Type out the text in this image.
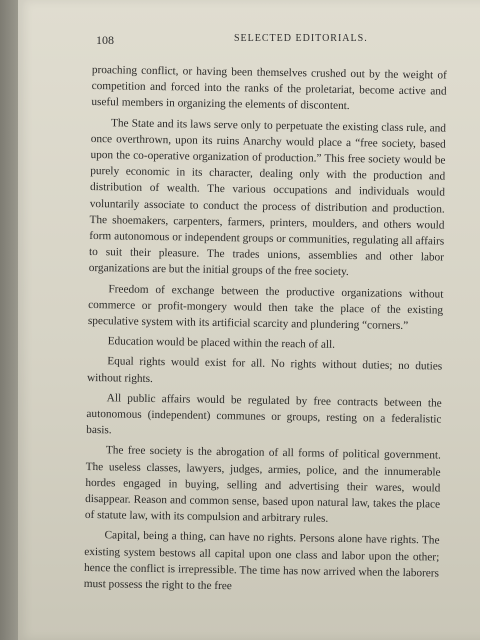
108	SELECTED EDITORIALS.

proaching conflict, or having been themselves crushed out by the weight of competition and forced into the ranks of the proletariat, become active and useful members in organizing the elements of discontent.

The State and its laws serve only to perpetuate the existing class rule, and once overthrown, upon its ruins Anarchy would place a “free society, based upon the co-operative organization of production.” This free society would be purely economic in its character, dealing only with the production and distribution of wealth. The various occupations and individuals would voluntarily associate to conduct the process of distribution and production. The shoemakers, carpenters, farmers, printers, moulders, and others would form autonomous or independent groups or communities, regulating all affairs to suit their pleasure. The trades unions, assemblies and other labor organizations are but the initial groups of the free society.

Freedom of exchange between the productive organizations without commerce or profit-mongery would then take the place of the existing speculative system with its artificial scarcity and plundering “corners.”

Education would be placed within the reach of all.

Equal rights would exist for all. No rights without duties; no duties without rights.

All public affairs would be regulated by free contracts between the autonomous (independent) communes or groups, resting on a federalistic basis.

The free society is the abrogation of all forms of political government. The useless classes, lawyers, judges, armies, police, and the innumerable hordes engaged in buying, selling and advertising their wares, would disappear. Reason and common sense, based upon natural law, takes the place of statute law, with its compulsion and arbitrary rules.

Capital, being a thing, can have no rights. Persons alone have rights. The existing system bestows all capital upon one class and labor upon the other; hence the conflict is irrepressible. The time has now arrived when the laborers must possess the right to the free
